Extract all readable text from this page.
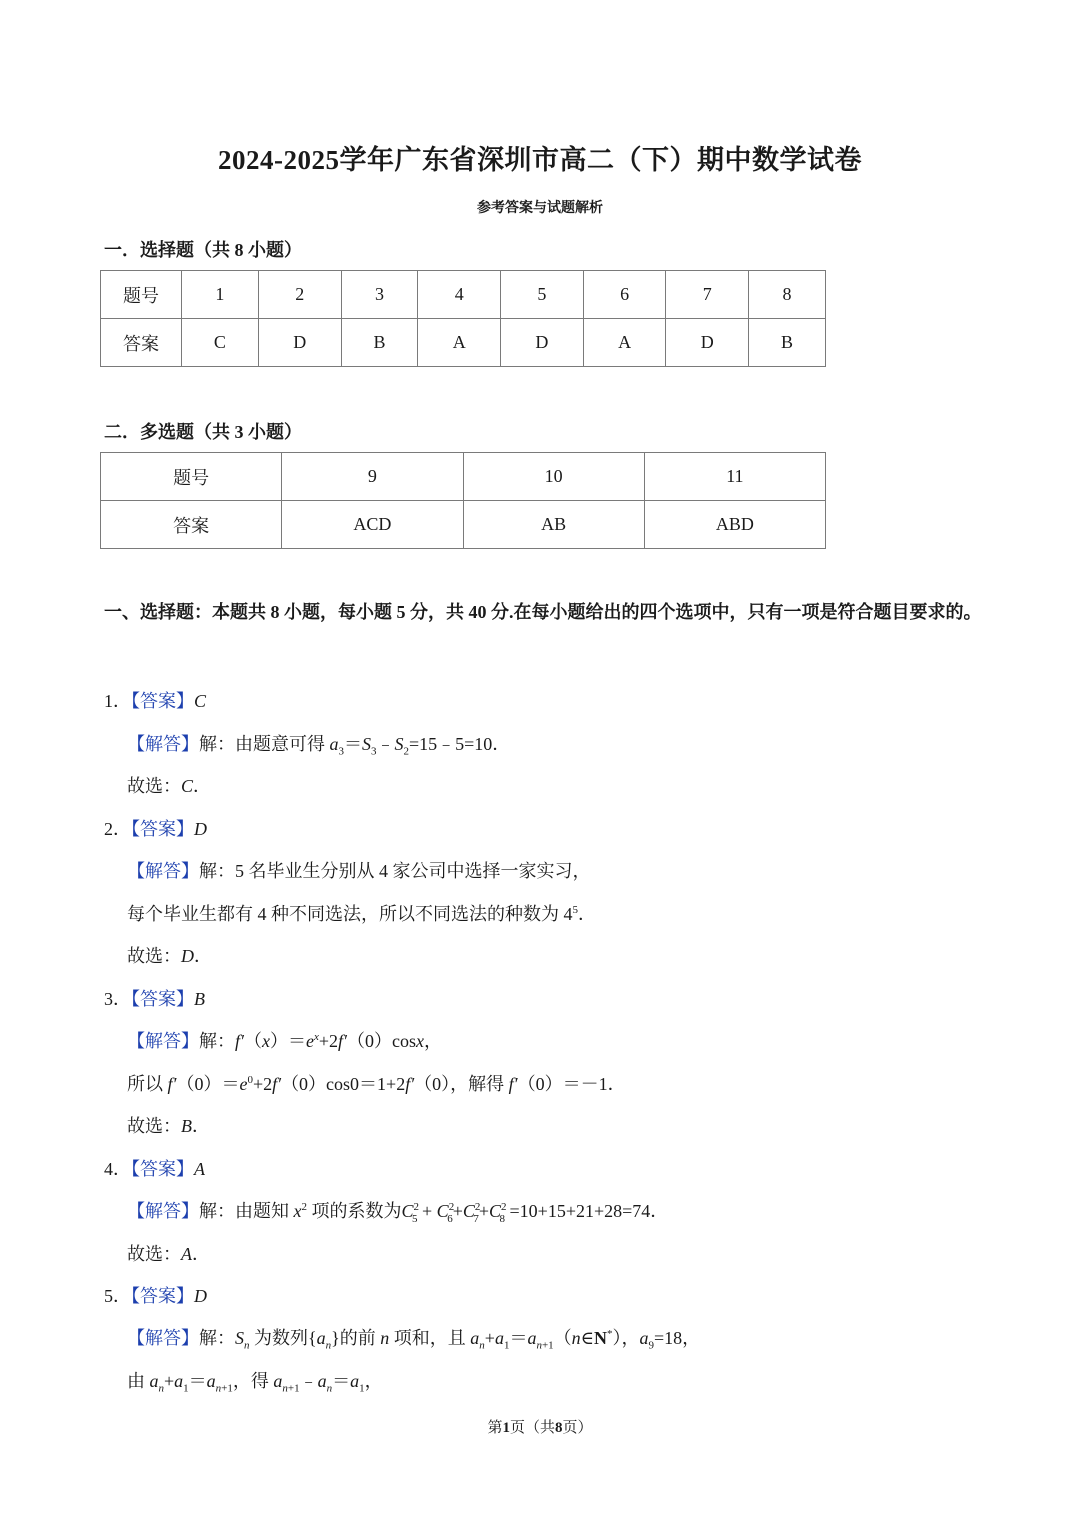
2024-2025学年广东省深圳市高二（下）期中数学试卷
参考答案与试题解析
一．选择题（共 8 小题）
题号	1	2	3	4	5	6	7	8
答案	C	D	B	A	D	A	D	B
二．多选题（共 3 小题）
题号	9	10	11
答案	ACD	AB	ABD
一、选择题：本题共 8 小题，每小题 5 分，共 40 分.在每小题给出的四个选项中，只有一项是符合题目要求的。
1．【答案】C
【解答】解：由题意可得 $a_3=S_3﹣S_2=15﹣5=10$．
故选：C．
2．【答案】D
【解答】解：5 名毕业生分别从 4 家公司中选择一家实习，
每个毕业生都有 4 种不同选法，所以不同选法的种数为 $4^5$．
故选：D．
3．【答案】B
【解答】解：$f'(x)=e^x+2f'(0)\cos x$，
所以 $f'(0)=e^0+2f'(0)\cos 0=1+2f'(0)$，解得 f′（0）＝－1．
故选：B．
4．【答案】A
【解答】解：由题知 $x^2$ 项的系数为$C^2_5 + C^2_6+C^2_7+C^2_8 =10+15+21+28=74$．
故选：A．
5．【答案】D
【解答】解：$S_n$ 为数列$\{a_n\}$的前 n 项和，且 $a_n+a_1=a_{n+1}(n\in N^*)$，$a_9=18$，
由 $a_n+a_1=a_{n+1}$，得 $a_{n+1}﹣a_n=a_1$，
第1页（共8页）
